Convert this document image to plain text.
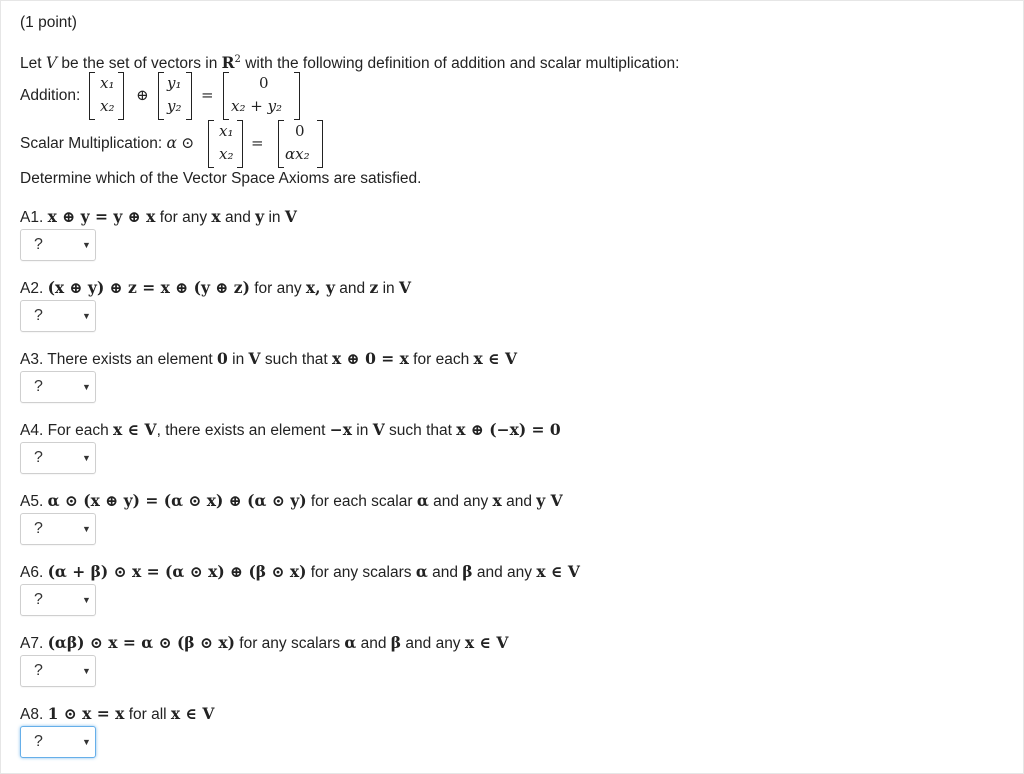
(1 point)
Let V be the set of vectors in $R^2$ with the following definition of addition and scalar multiplication:
Addition:
x₁
x₂
⊕
y₁
y₂
=
0
x₂ + y₂
Scalar Multiplication: α ⊙
x₁
x₂
=
0
αx₂
Determine which of the Vector Space Axioms are satisfied.
A1. x ⊕ y = y ⊕ x for any x and y in V
?	▼
A2. (x ⊕ y) ⊕ z = x ⊕ (y ⊕ z) for any x, y and z in V
?	▼
A3. There exists an element 0 in V such that x ⊕ 0 = x for each x ∈ V
?	▼
A4. For each x ∈ V, there exists an element −x in V such that x ⊕ (−x) = 0
?	▼
A5. α ⊙ (x ⊕ y) = (α ⊙ x) ⊕ (α ⊙ y) for each scalar α and any x and y V
?	▼
A6. (α + β) ⊙ x = (α ⊙ x) ⊕ (β ⊙ x) for any scalars α and β and any x ∈ V
?	▼
A7. (αβ) ⊙ x = α ⊙ (β ⊙ x) for any scalars α and β and any x ∈ V
?	▼
A8. 1 ⊙ x = x for all x ∈ V
?	▼
